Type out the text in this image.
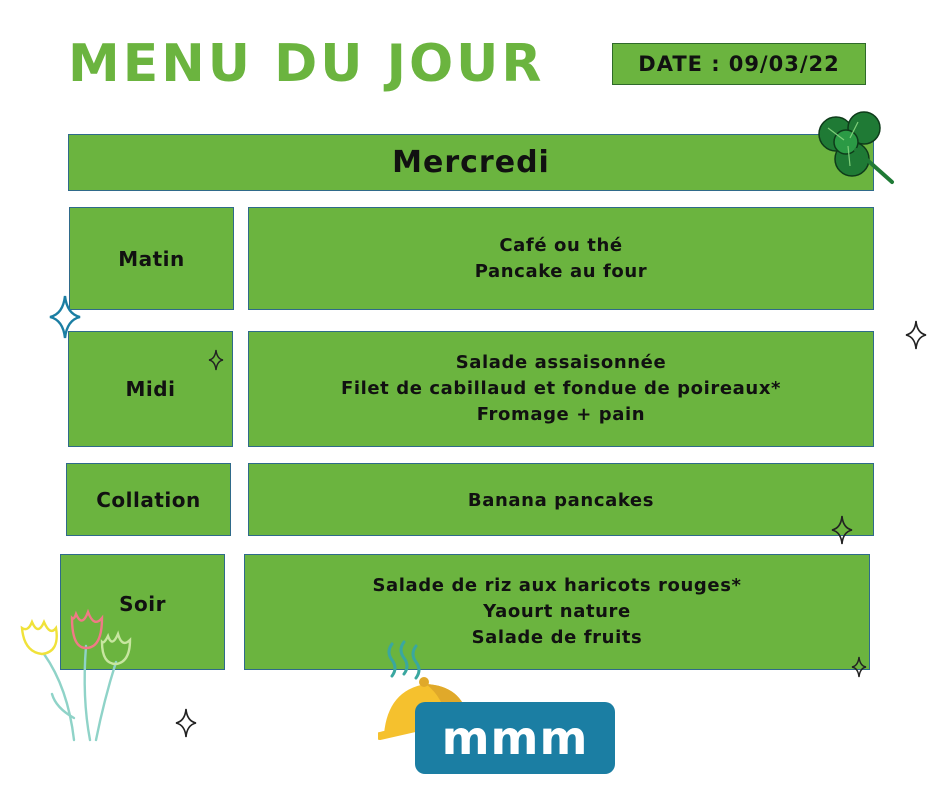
MENU DU JOUR	DATE : 09/03/22
Mercredi
Matin
Café ou thé
Pancake au four
Midi
Salade assaisonnée
Filet de cabillaud et fondue de poireaux*
Fromage + pain
Collation	Banana pancakes
Soir
Salade de riz aux haricots rouges*
Yaourt nature
Salade de fruits
mmm
